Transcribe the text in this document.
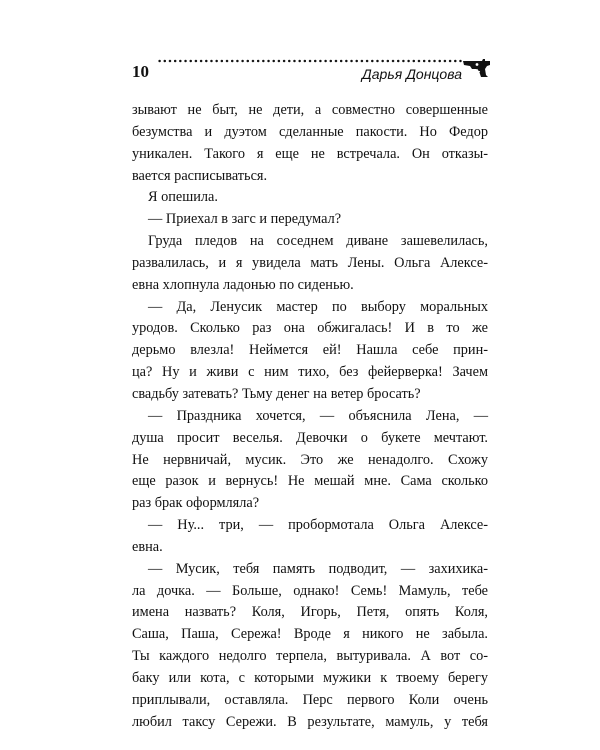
10	Дарья Донцова

зывают не быт, не дети, а совместно совершенные

безумства и дуэтом сделанные пакости. Но Федор

уникален. Такого я еще не встречала. Он отказы-

вается расписываться.

Я опешила.

— Приехал в загс и передумал?

Груда пледов на соседнем диване зашевелилась,

развалилась, и я увидела мать Лены. Ольга Алексе-

евна хлопнула ладонью по сиденью.

— Да, Ленусик мастер по выбору моральных

уродов. Сколько раз она обжигалась! И в то же

дерьмо влезла! Неймется ей! Нашла себе прин-

ца? Ну и живи с ним тихо, без фейерверка! Зачем

свадьбу затевать? Тьму денег на ветер бросать?

— Праздника хочется, — объяснила Лена, —

душа просит веселья. Девочки о букете мечтают.

Не нервничай, мусик. Это же ненадолго. Схожу

еще разок и вернусь! Не мешай мне. Сама сколько

раз брак оформляла?

— Ну... три, — пробормотала Ольга Алексе-

евна.

— Мусик, тебя память подводит, — захихика-

ла дочка. — Больше, однако! Семь! Мамуль, тебе

имена назвать? Коля, Игорь, Петя, опять Коля,

Саша, Паша, Сережа! Вроде я никого не забыла.

Ты каждого недолго терпела, вытуривала. А вот со-

баку или кота, с которыми мужики к твоему берегу

приплывали, оставляла. Перс первого Коли очень

любил таксу Сережи. В результате, мамуль, у тебя
